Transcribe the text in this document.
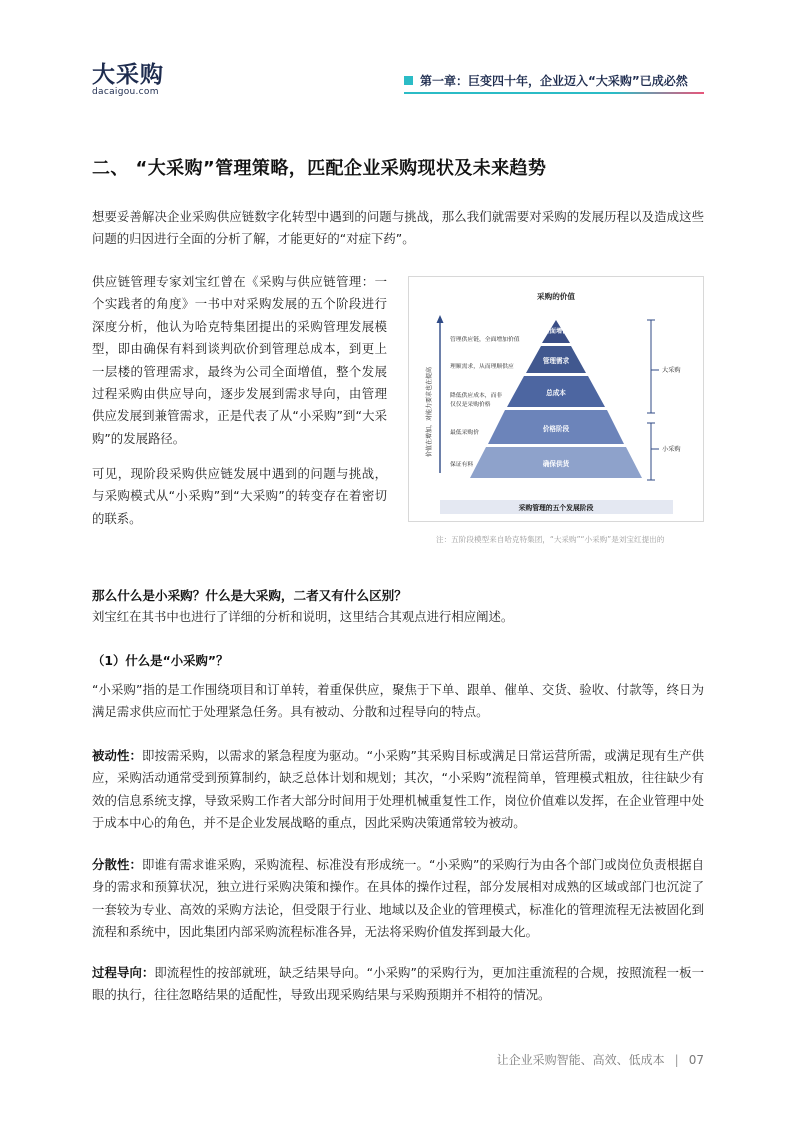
大采购
dacaigou.com
第一章：巨变四十年，企业迈入“大采购”已成必然
二、 “大采购”管理策略，匹配企业采购现状及未来趋势
想要妥善解决企业采购供应链数字化转型中遇到的问题与挑战，那么我们就需要对采购的发展历程以及造成这些问题的归因进行全面的分析了解，才能更好的“对症下药”。
供应链管理专家刘宝红曾在《采购与供应链管理：一个实践者的角度》一书中对采购发展的五个阶段进行深度分析，他认为哈克特集团提出的采购管理发展模型，即由确保有料到谈判砍价到管理总成本，到更上一层楼的管理需求，最终为公司全面增值，整个发展过程采购由供应导向，逐步发展到需求导向，由管理供应发展到兼管需求，正是代表了从“小采购”到“大采购”的发展路径。
可见，现阶段采购供应链发展中遇到的问题与挑战，与采购模式从“小采购”到“大采购”的转变存在着密切的联系。
采购的价值
价值在增加，对能力要求也在提高
全面增值
管理需求
总成本
价格阶段
确保供货
管理供应链，全面增加价值
理顺需求，从而理顺供应
降低供应成本，而非 仅仅是采购价格
最低采购价
保证有料
大采购
小采购
采购管理的五个发展阶段
注：五阶段模型来自哈克特集团，“大采购”“小采购”是刘宝红提出的
那么什么是小采购？什么是大采购，二者又有什么区别？
刘宝红在其书中也进行了详细的分析和说明，这里结合其观点进行相应阐述。
（1）什么是“小采购”？
“小采购”指的是工作围绕项目和订单转，着重保供应，聚焦于下单、跟单、催单、交货、验收、付款等，终日为满足需求供应而忙于处理紧急任务。具有被动、分散和过程导向的特点。
被动性：即按需采购，以需求的紧急程度为驱动。“小采购”其采购目标或满足日常运营所需，或满足现有生产供应，采购活动通常受到预算制约，缺乏总体计划和规划；其次，“小采购”流程简单，管理模式粗放，往往缺少有效的信息系统支撑，导致采购工作者大部分时间用于处理机械重复性工作，岗位价值难以发挥，在企业管理中处于成本中心的角色，并不是企业发展战略的重点，因此采购决策通常较为被动。
分散性：即谁有需求谁采购，采购流程、标准没有形成统一。“小采购”的采购行为由各个部门或岗位负责根据自身的需求和预算状况，独立进行采购决策和操作。在具体的操作过程，部分发展相对成熟的区域或部门也沉淀了一套较为专业、高效的采购方法论，但受限于行业、地域以及企业的管理模式，标准化的管理流程无法被固化到流程和系统中，因此集团内部采购流程标准各异，无法将采购价值发挥到最大化。
过程导向：即流程性的按部就班，缺乏结果导向。“小采购”的采购行为，更加注重流程的合规，按照流程一板一眼的执行，往往忽略结果的适配性，导致出现采购结果与采购预期并不相符的情况。
让企业采购智能、高效、低成本 | 07
